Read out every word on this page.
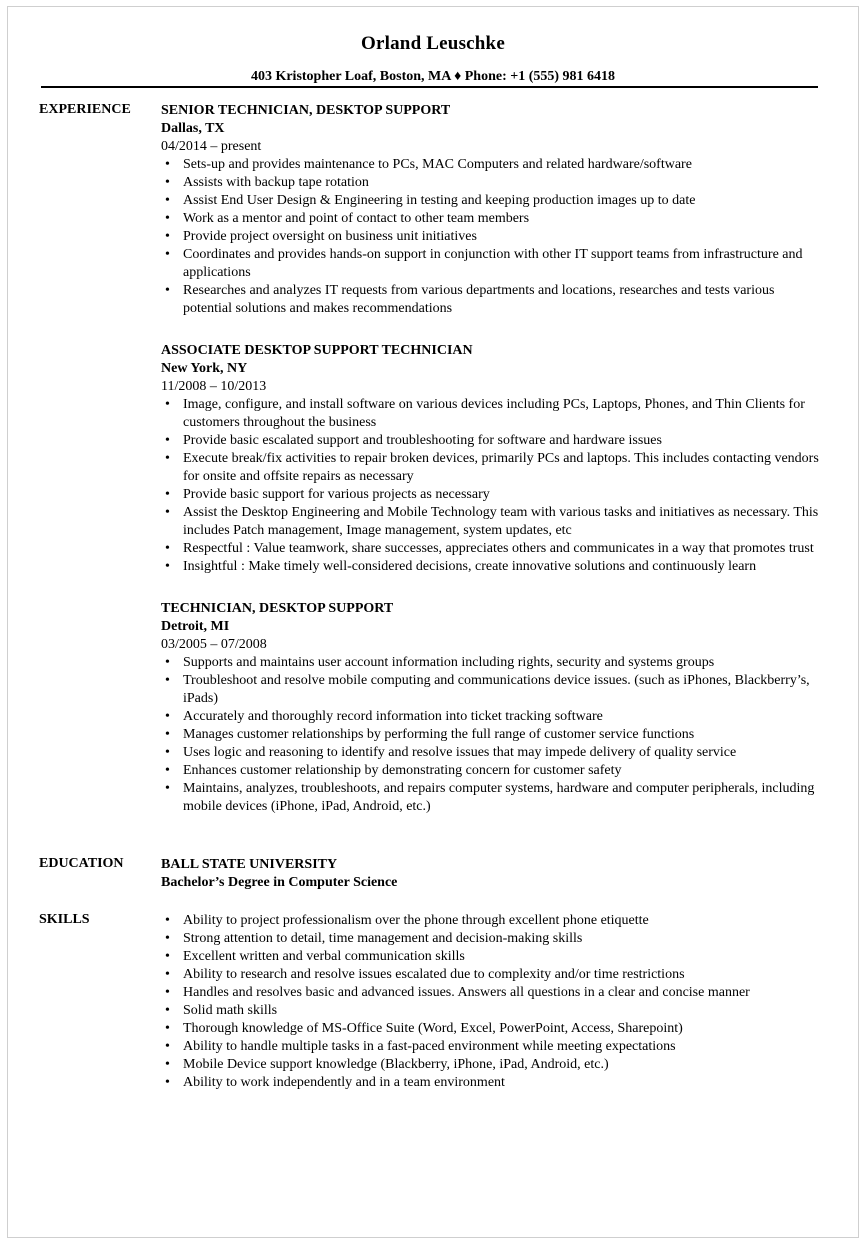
Orland Leuschke
403 Kristopher Loaf, Boston, MA ♦ Phone: +1 (555) 981 6418
EXPERIENCE SENIOR TECHNICIAN, DESKTOP SUPPORT
Dallas, TX
04/2014 – present
• Sets-up and provides maintenance to PCs, MAC Computers and related hardware/software
• Assists with backup tape rotation
• Assist End User Design & Engineering in testing and keeping production images up to date
• Work as a mentor and point of contact to other team members
• Provide project oversight on business unit initiatives
• Coordinates and provides hands-on support in conjunction with other IT support teams from infrastructure and applications
• Researches and analyzes IT requests from various departments and locations, researches and tests various potential solutions and makes recommendations
ASSOCIATE DESKTOP SUPPORT TECHNICIAN
New York, NY
11/2008 – 10/2013
• Image, configure, and install software on various devices including PCs, Laptops, Phones, and Thin Clients for customers throughout the business
• Provide basic escalated support and troubleshooting for software and hardware issues
• Execute break/fix activities to repair broken devices, primarily PCs and laptops. This includes contacting vendors for onsite and offsite repairs as necessary
• Provide basic support for various projects as necessary
• Assist the Desktop Engineering and Mobile Technology team with various tasks and initiatives as necessary. This includes Patch management, Image management, system updates, etc
• Respectful : Value teamwork, share successes, appreciates others and communicates in a way that promotes trust
• Insightful : Make timely well-considered decisions, create innovative solutions and continuously learn
TECHNICIAN, DESKTOP SUPPORT
Detroit, MI
03/2005 – 07/2008
• Supports and maintains user account information including rights, security and systems groups
• Troubleshoot and resolve mobile computing and communications device issues. (such as iPhones, Blackberry’s, iPads)
• Accurately and thoroughly record information into ticket tracking software
• Manages customer relationships by performing the full range of customer service functions
• Uses logic and reasoning to identify and resolve issues that may impede delivery of quality service
• Enhances customer relationship by demonstrating concern for customer safety
• Maintains, analyzes, troubleshoots, and repairs computer systems, hardware and computer peripherals, including mobile devices (iPhone, iPad, Android, etc.)
EDUCATION	BALL STATE UNIVERSITY
Bachelor’s Degree in Computer Science
SKILLS
•	Ability to project professionalism over the phone through excellent phone etiquette
• Strong attention to detail, time management and decision-making skills
• Excellent written and verbal communication skills
• Ability to research and resolve issues escalated due to complexity and/or time restrictions
• Handles and resolves basic and advanced issues. Answers all questions in a clear and concise manner
• Solid math skills
• Thorough knowledge of MS-Office Suite (Word, Excel, PowerPoint, Access, Sharepoint)
• Ability to handle multiple tasks in a fast-paced environment while meeting expectations
• Mobile Device support knowledge (Blackberry, iPhone, iPad, Android, etc.)
• Ability to work independently and in a team environment
